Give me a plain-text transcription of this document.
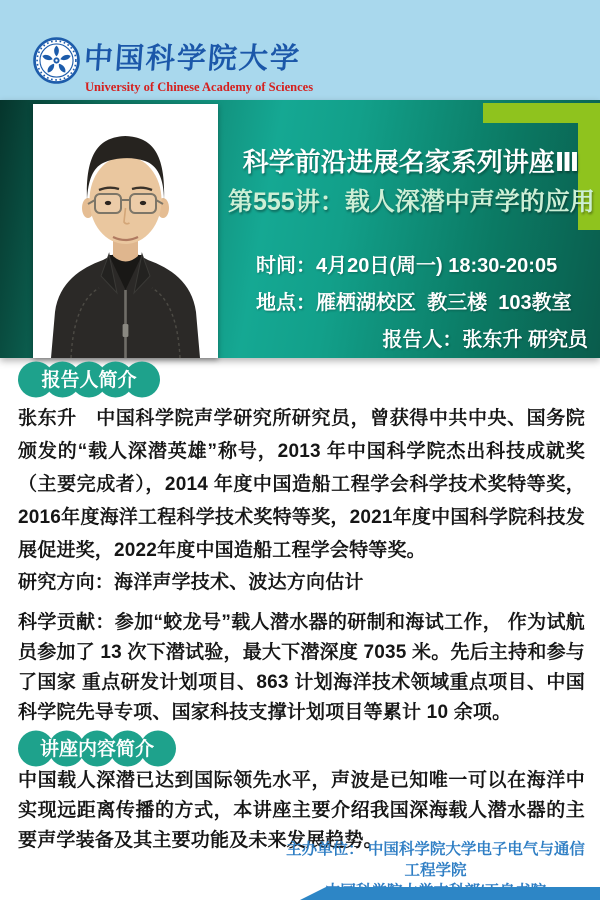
中国科学院大学
University of Chinese Academy of Sciences
科学前沿进展名家系列讲座Ⅲ
第555讲：载人深潜中声学的应用
时间：4月20日(周一) 18:30-20:05
地点：雁栖湖校区  教三楼  103教室
报告人：张东升 研究员
报告人简介
张东升　中国科学院声学研究所研究员，曾获得中共中央、国务院颁发的“载人深潜英雄”称号，2013 年中国科学院杰出科技成就奖（主要完成者），2014 年度中国造船工程学会科学技术奖特等奖，2016年度海洋工程科学技术奖特等奖，2021年度中国科学院科技发展促进奖，2022年度中国造船工程学会特等奖。
研究方向：海洋声学技术、波达方向估计
科学贡献：参加“蛟龙号”载人潜水器的研制和海试工作， 作为试航员参加了 13 次下潜试验，最大下潜深度 7035 米。先后主持和参与了国家 重点研发计划项目、863 计划海洋技术领域重点项目、中国科学院先导专项、国家科技支撑计划项目等累计 10 余项。
讲座内容简介
中国载人深潜已达到国际领先水平，声波是已知唯一可以在海洋中实现远距离传播的方式，本讲座主要介绍我国深海载人潜水器的主要声学装备及其主要功能及未来发展趋势。
主办单位： 中国科学院大学电子电气与通信工程学院
